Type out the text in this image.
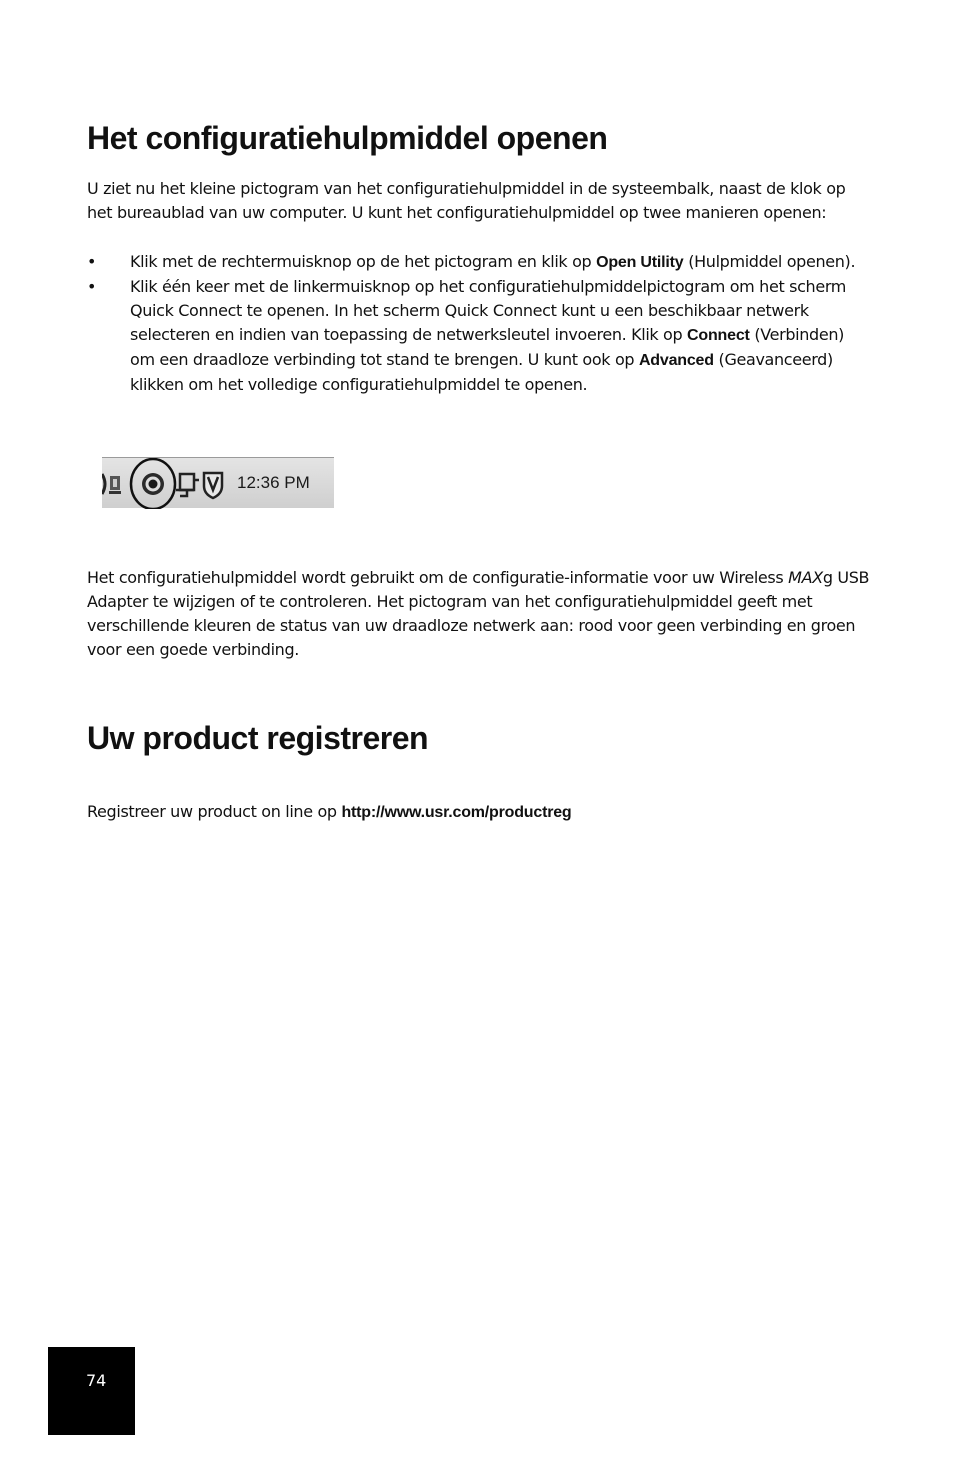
Het configuratiehulpmiddel openen

U ziet nu het kleine pictogram van het configuratiehulpmiddel in de systeembalk, naast de klok op het bureaublad van uw computer. U kunt het configuratiehulpmiddel op twee manieren openen:

• Klik met de rechtermuisknop op de het pictogram en klik op Open Utility (Hulpmiddel openen).
• Klik één keer met de linkermuisknop op het configuratiehulpmiddelpictogram om het scherm Quick Connect te openen. In het scherm Quick Connect kunt u een beschikbaar netwerk selecteren en indien van toepassing de netwerksleutel invoeren. Klik op Connect (Verbinden) om een draadloze verbinding tot stand te brengen. U kunt ook op Advanced (Geavanceerd) klikken om het volledige configuratiehulpmiddel te openen.
12:36 PM

Het configuratiehulpmiddel wordt gebruikt om de configuratie-informatie voor uw Wireless MAXg USB Adapter te wijzigen of te controleren. Het pictogram van het configuratiehulpmiddel geeft met verschillende kleuren de status van uw draadloze netwerk aan: rood voor geen verbinding en groen voor een goede verbinding.

Uw product registreren

Registreer uw product on line op http://www.usr.com/productreg

74
